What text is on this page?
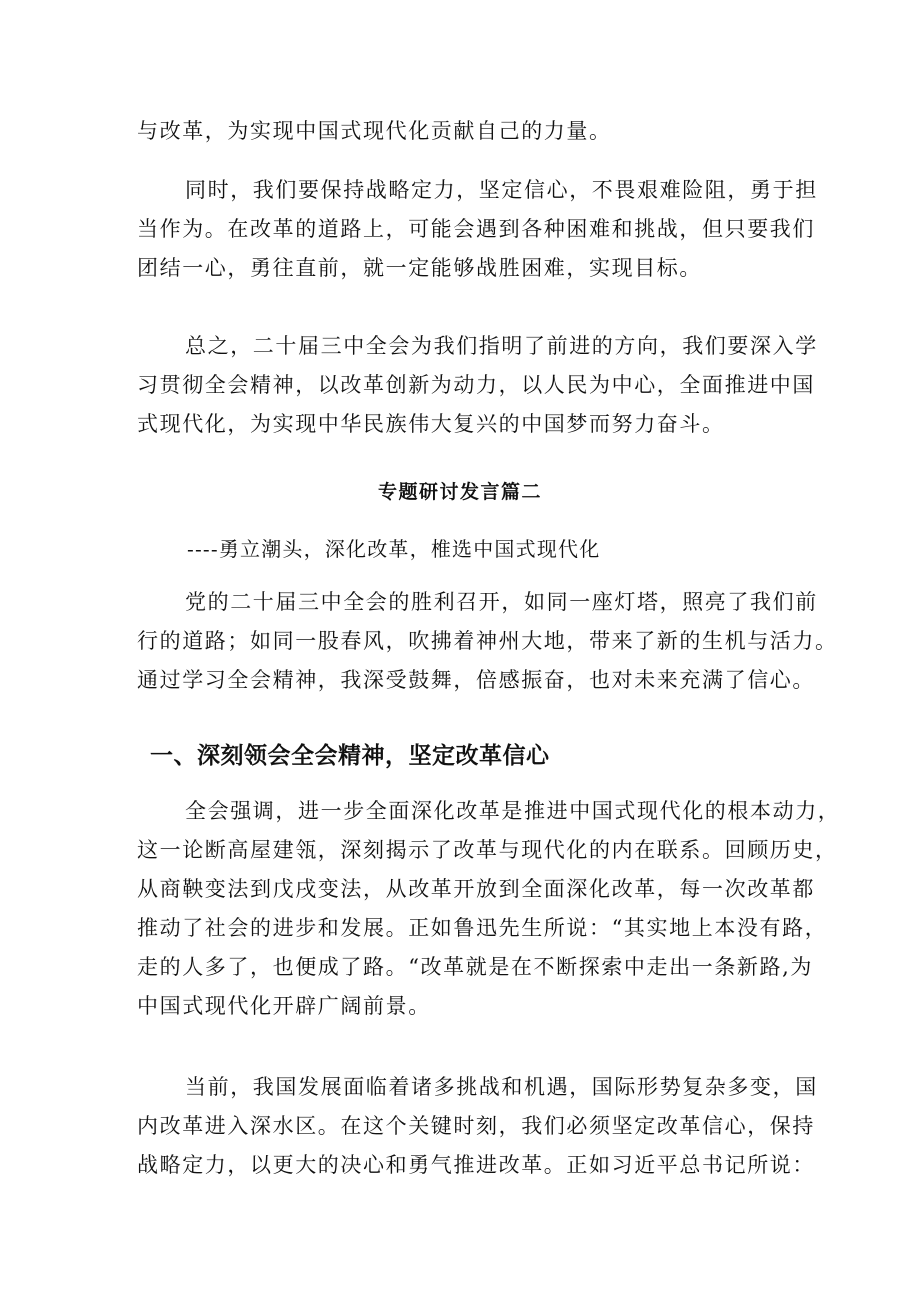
与改革，为实现中国式现代化贡献自己的力量。
同时，我们要保持战略定力，坚定信心，不畏艰难险阻，勇于担
当作为。在改革的道路上，可能会遇到各种困难和挑战，但只要我们
团结一心，勇往直前，就一定能够战胜困难，实现目标。
总之，二十届三中全会为我们指明了前进的方向，我们要深入学
习贯彻全会精神，以改革创新为动力，以人民为中心，全面推进中国
式现代化，为实现中华民族伟大复兴的中国梦而努力奋斗。
专题研讨发言篇二

----勇立潮头，深化改革，椎选中国式现代化

党的二十届三中全会的胜利召开，如同一座灯塔，照亮了我们前
行的道路；如同一股春风，吹拂着神州大地，带来了新的生机与活力。
通过学习全会精神，我深受鼓舞，倍感振奋，也对未来充满了信心。
一、深刻领会全会精神，坚定改革信心
全会强调，进一步全面深化改革是推进中国式现代化的根本动力，
这一论断高屋建瓴，深刻揭示了改革与现代化的内在联系。回顾历史，
从商鞅变法到戊戌变法，从改革开放到全面深化改革，每一次改革都
推动了社会的进步和发展。正如鲁迅先生所说：“其实地上本没有路，
走的人多了，也便成了路。“改革就是在不断探索中走出一条新路,为
中国式现代化开辟广阔前景。
当前，我国发展面临着诸多挑战和机遇，国际形势复杂多变，国
内改革进入深水区。在这个关键时刻，我们必须坚定改革信心，保持
战略定力，以更大的决心和勇气推进改革。正如习近平总书记所说：
